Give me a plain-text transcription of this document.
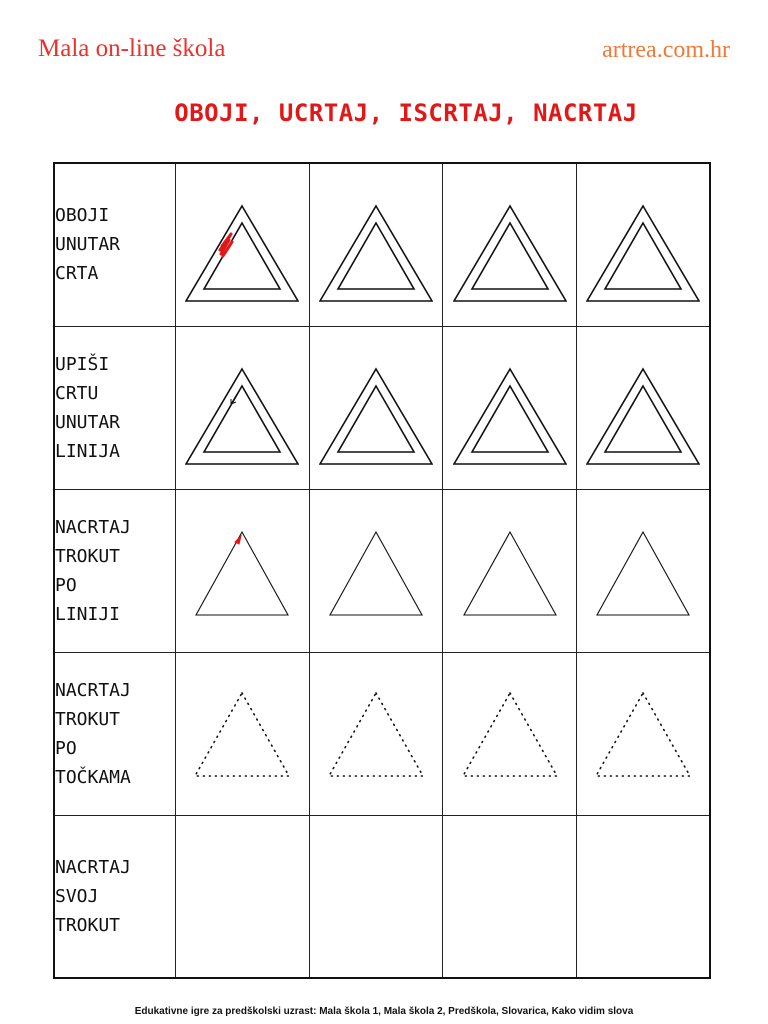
Mala on-line škola	artrea.com.hr
OBOJI, UCRTAJ, ISCRTAJ, NACRTAJ
OBOJI
UNUTAR
CRTA

UPIŠI
CRTU
UNUTAR
LINIJA

NACRTAJ
TROKUT
PO
LINIJI

NACRTAJ
TROKUT
PO
TOČKAMA

NACRTAJ
SVOJ
TROKUT				

Edukativne igre za predškolski uzrast: Mala škola 1, Mala škola 2, Predškola, Slovarica, Kako vidim slova
